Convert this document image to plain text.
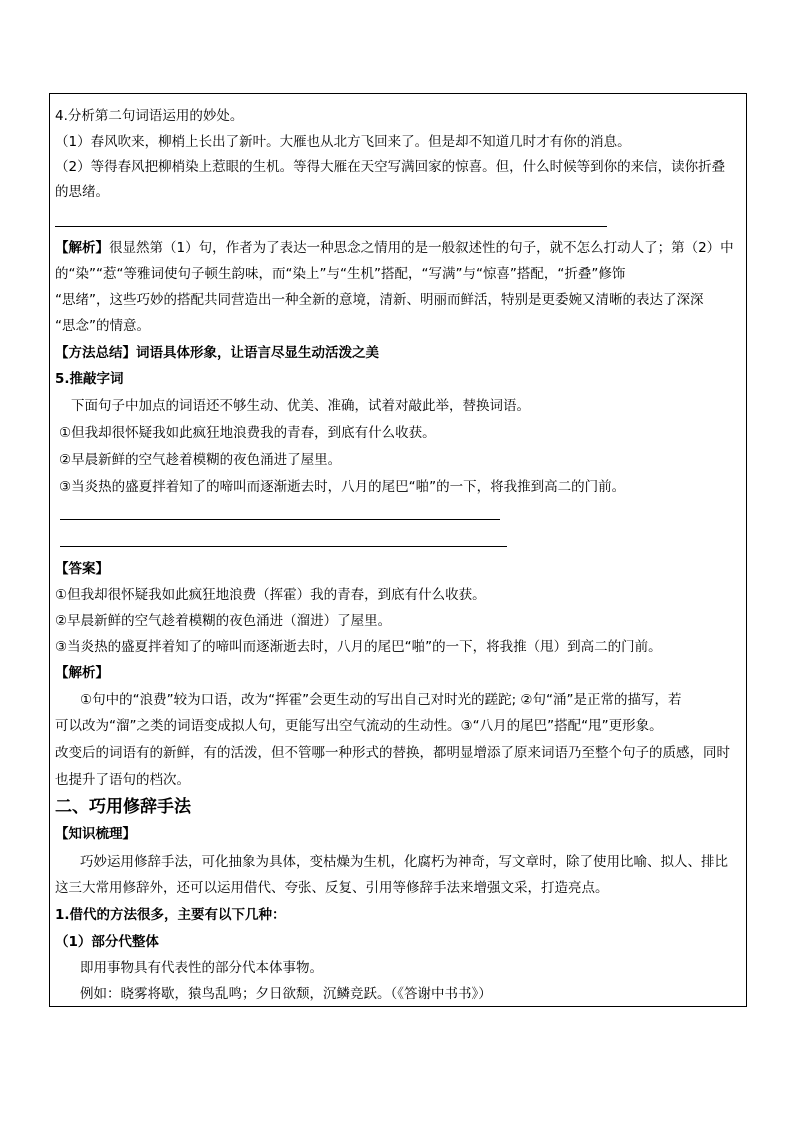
4.分析第二句词语运用的妙处。
（1）春风吹来，柳梢上长出了新叶。大雁也从北方飞回来了。但是却不知道几时才有你的消息。
（2）等得春风把柳梢染上惹眼的生机。等得大雁在天空写满回家的惊喜。但，什么时候等到你的来信，读你折叠
的思绪。
【解析】很显然第（1）句，作者为了表达一种思念之情用的是一般叙述性的句子，就不怎么打动人了；第（2）中
的“染”“惹“等雅词使句子顿生韵味，而“染上”与“生机”搭配，“写满”与“惊喜”搭配，“折叠”修饰
“思绪”，这些巧妙的搭配共同营造出一种全新的意境，清新、明丽而鲜活，特别是更委婉又清晰的表达了深深
“思念”的情意。
【方法总结】词语具体形象，让语言尽显生动活泼之美
5.推敲字词
下面句子中加点的词语还不够生动、优美、准确，试着对敲此举，替换词语。
①但我却很怀疑我如此疯狂地浪费我的青春，到底有什么收获。
②早晨新鲜的空气趁着模糊的夜色涌进了屋里。
③当炎热的盛夏拌着知了的啼叫而逐渐逝去时，八月的尾巴“啪”的一下，将我推到高二的门前。
【答案】
①但我却很怀疑我如此疯狂地浪费（挥霍）我的青春，到底有什么收获。
②早晨新鲜的空气趁着模糊的夜色涌进（溜进）了屋里。
③当炎热的盛夏拌着知了的啼叫而逐渐逝去时，八月的尾巴“啪”的一下，将我推（甩）到高二的门前。
【解析】
①句中的“浪费”较为口语，改为“挥霍”会更生动的写出自己对时光的蹉跎; ②句“涌”是正常的描写，若
可以改为“溜”之类的词语变成拟人句，更能写出空气流动的生动性。③“八月的尾巴”搭配“甩”更形象。
改变后的词语有的新鲜，有的活泼，但不管哪一种形式的替换，都明显增添了原来词语乃至整个句子的质感，同时
也提升了语句的档次。
二、巧用修辞手法
【知识梳理】
巧妙运用修辞手法，可化抽象为具体，变枯燥为生机，化腐朽为神奇，写文章时，除了使用比喻、拟人、排比
这三大常用修辞外，还可以运用借代、夸张、反复、引用等修辞手法来增强文采，打造亮点。
1.借代的方法很多，主要有以下几种：
（1）部分代整体
即用事物具有代表性的部分代本体事物。
例如：晓雾将歇，猿鸟乱鸣；夕日欲颓，沉鳞竞跃。（《答谢中书书》）
